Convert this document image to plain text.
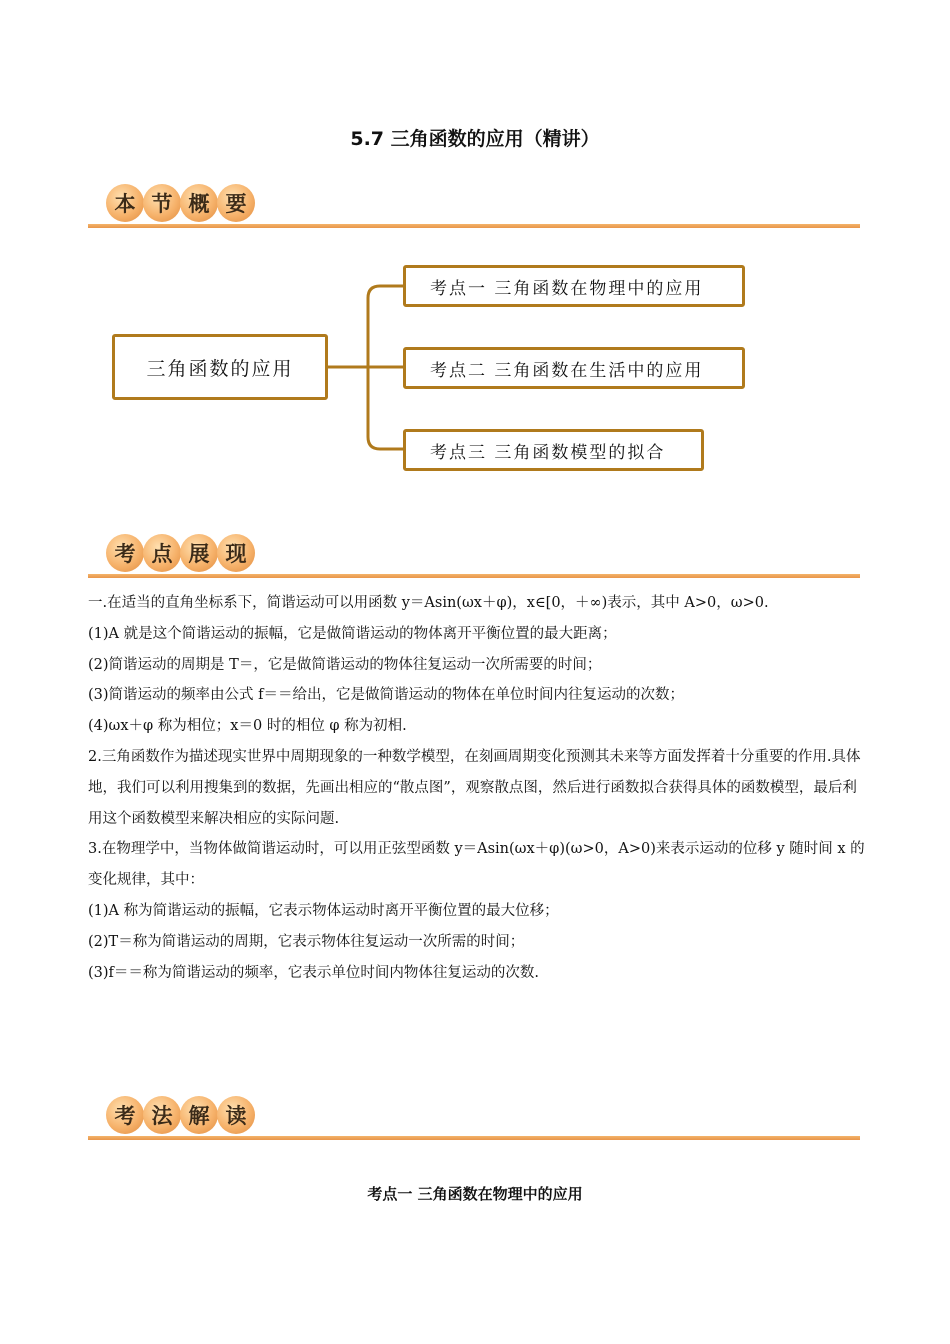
5.7 三角函数的应用（精讲）
本 节 概 要
三角函数的应用
考点一 三角函数在物理中的应用
考点二 三角函数在生活中的应用
考点三 三角函数模型的拟合
考 点 展 现

一.在适当的直角坐标系下，简谐运动可以用函数 y＝Asin(ωx＋φ)，x∈[0，＋∞)表示，其中 A>0，ω>0.

(1)A 就是这个简谐运动的振幅，它是做简谐运动的物体离开平衡位置的最大距离；

(2)简谐运动的周期是 T＝，它是做简谐运动的物体往复运动一次所需要的时间；

(3)简谐运动的频率由公式 f＝＝给出，它是做简谐运动的物体在单位时间内往复运动的次数；

(4)ωx＋φ 称为相位；x＝0 时的相位 φ 称为初相.

2.三角函数作为描述现实世界中周期现象的一种数学模型，在刻画周期变化预测其未来等方面发挥着十分重要的作用.具体地，我们可以利用搜集到的数据，先画出相应的“散点图”，观察散点图，然后进行函数拟合获得具体的函数模型，最后利用这个函数模型来解决相应的实际问题.

3.在物理学中，当物体做简谐运动时，可以用正弦型函数 y＝Asin(ωx＋φ)(ω>0，A>0)来表示运动的位移 y 随时间 x 的变化规律，其中：

(1)A 称为简谐运动的振幅，它表示物体运动时离开平衡位置的最大位移；

(2)T＝称为简谐运动的周期，它表示物体往复运动一次所需的时间；

(3)f＝＝称为简谐运动的频率，它表示单位时间内物体往复运动的次数.

考 法 解 读
考点一 三角函数在物理中的应用
